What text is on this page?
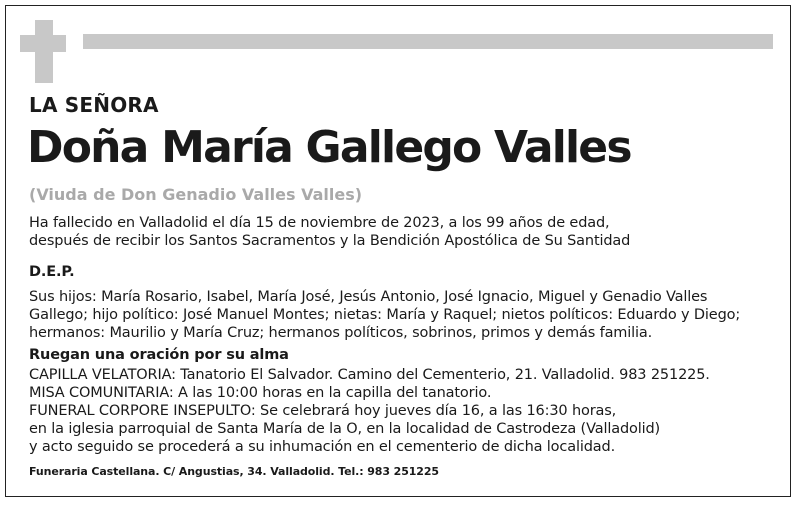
LA SEÑORA
Doña María Gallego Valles
(Viuda de Don Genadio Valles Valles)
Ha fallecido en Valladolid el día 15 de noviembre de 2023, a los 99 años de edad,
después de recibir los Santos Sacramentos y la Bendición Apostólica de Su Santidad
D.E.P.
Sus hijos: María Rosario, Isabel, María José, Jesús Antonio, José Ignacio, Miguel y Genadio Valles
Gallego; hijo político: José Manuel Montes; nietas: María y Raquel; nietos políticos: Eduardo y Diego;
hermanos: Maurilio y María Cruz; hermanos políticos, sobrinos, primos y demás familia.
Ruegan una oración por su alma
CAPILLA VELATORIA: Tanatorio El Salvador. Camino del Cementerio, 21. Valladolid. 983 251225.
MISA COMUNITARIA: A las 10:00 horas en la capilla del tanatorio.
FUNERAL CORPORE INSEPULTO: Se celebrará hoy jueves día 16, a las 16:30 horas,
en la iglesia parroquial de Santa María de la O, en la localidad de Castrodeza (Valladolid)
y acto seguido se procederá a su inhumación en el cementerio de dicha localidad.
Funeraria Castellana. C/ Angustias, 34. Valladolid. Tel.: 983 251225
